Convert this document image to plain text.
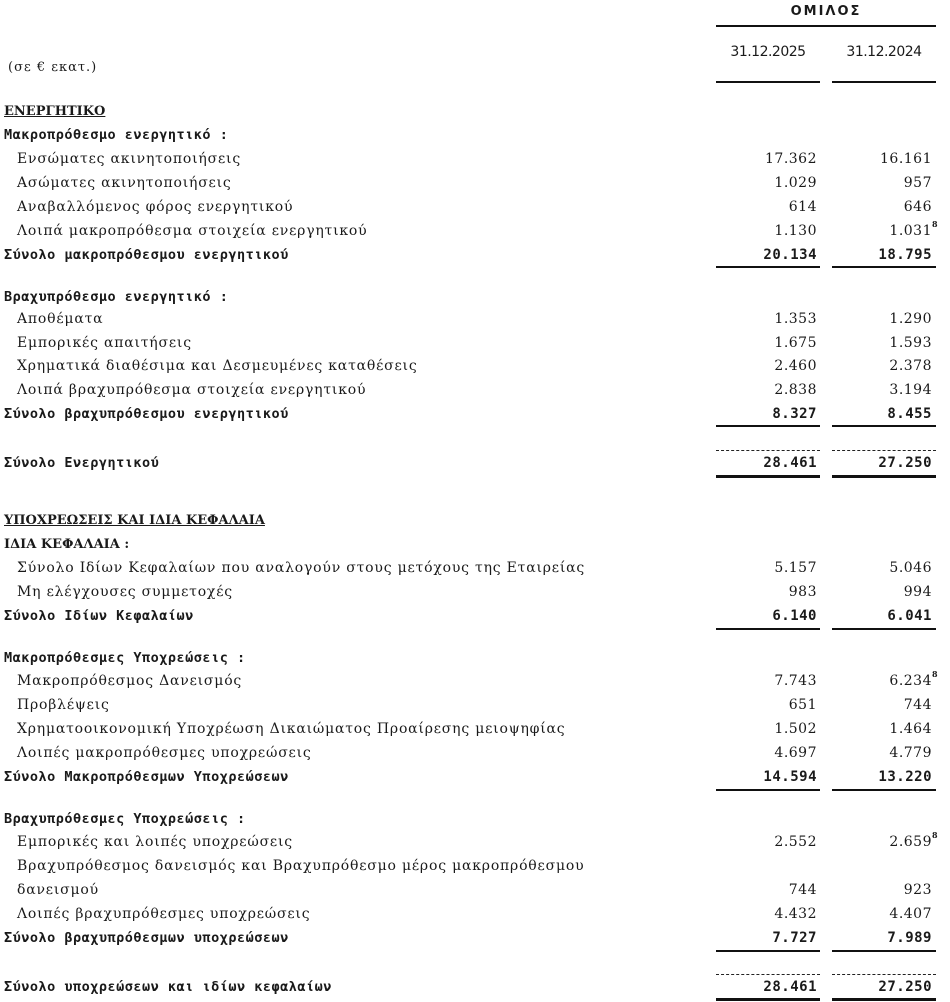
ΟΜΙΛΟΣ
31.12.2025	31.12.2024
(σε € εκατ.)
ΕΝΕΡΓΗΤΙΚΟ
Μακροπρόθεσμο ενεργητικό :
Ενσώματες ακινητοποιήσεις	17.362	16.161
Ασώματες ακινητοποιήσεις	1.029	957
Αναβαλλόμενος φόρος ενεργητικού	614	646
Λοιπά μακροπρόθεσμα στοιχεία ενεργητικού	1.130	1.031 8
Σύνολο μακροπρόθεσμου ενεργητικού	20.134	18.795
Βραχυπρόθεσμο ενεργητικό :
Αποθέματα	1.353	1.290
Εμπορικές απαιτήσεις	1.675	1.593
Χρηματικά διαθέσιμα και Δεσμευμένες καταθέσεις	2.460	2.378
Λοιπά βραχυπρόθεσμα στοιχεία ενεργητικού	2.838	3.194
Σύνολο βραχυπρόθεσμου ενεργητικού	8.327	8.455
Σύνολο Ενεργητικού	28.461	27.250
ΥΠΟΧΡΕΩΣΕΙΣ ΚΑΙ ΙΔΙΑ ΚΕΦΑΛΑΙΑ
ΙΔΙΑ ΚΕΦΑΛΑΙΑ :
Σύνολο Ιδίων Κεφαλαίων που αναλογούν στους μετόχους της Εταιρείας	5.157	5.046
Μη ελέγχουσες συμμετοχές	983	994
Σύνολο Ιδίων Κεφαλαίων	6.140	6.041
Μακροπρόθεσμες Υποχρεώσεις :
Μακροπρόθεσμος Δανεισμός	7.743	6.234 8
Προβλέψεις	651	744
Χρηματοοικονομική Υποχρέωση Δικαιώματος Προαίρεσης μειοψηφίας	1.502	1.464
Λοιπές μακροπρόθεσμες υποχρεώσεις	4.697	4.779
Σύνολο Μακροπρόθεσμων Υποχρεώσεων	14.594	13.220
Βραχυπρόθεσμες Υποχρεώσεις :
Εμπορικές και λοιπές υποχρεώσεις	2.552	2.659 8
Βραχυπρόθεσμος δανεισμός και Βραχυπρόθεσμο μέρος μακροπρόθεσμου
δανεισμού	744	923
Λοιπές βραχυπρόθεσμες υποχρεώσεις	4.432	4.407
Σύνολο βραχυπρόθεσμων υποχρεώσεων	7.727	7.989
Σύνολο υποχρεώσεων και ιδίων κεφαλαίων	28.461	27.250
